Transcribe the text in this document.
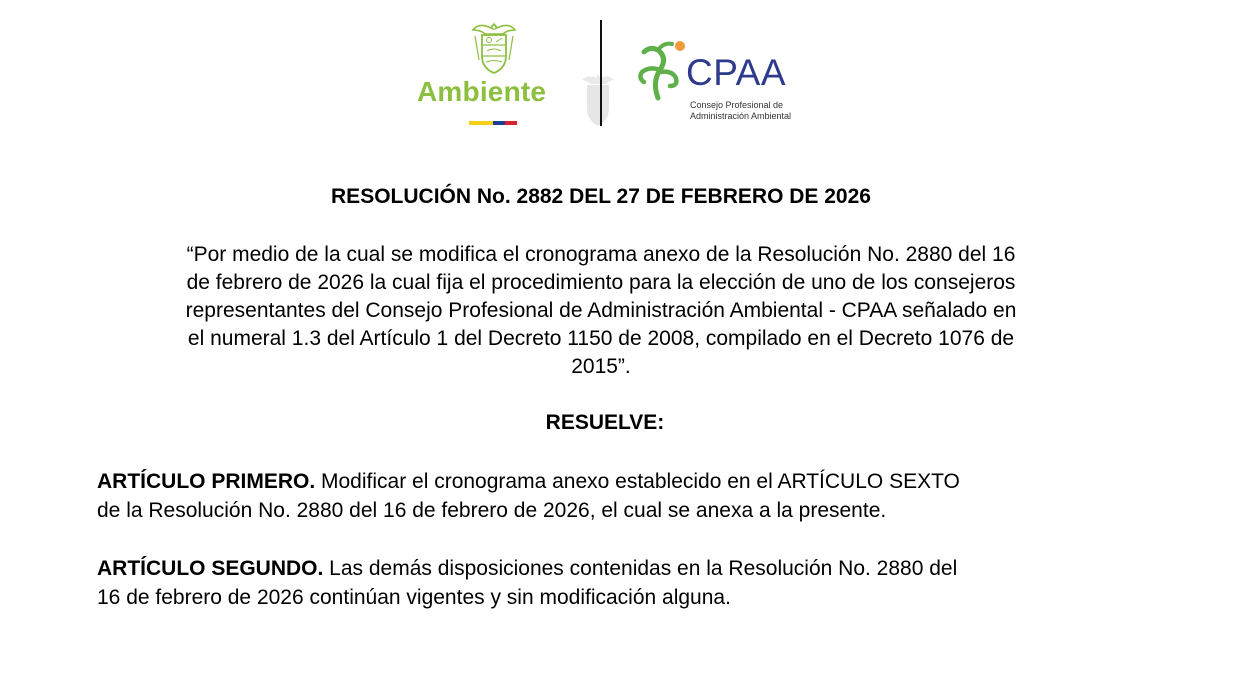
Ambiente	CPAA
Consejo Profesional de
Administración Ambiental
RESOLUCIÓN No. 2882 DEL 27 DE FEBRERO DE 2026
“Por medio de la cual se modifica el cronograma anexo de la Resolución No. 2880 del 16
de febrero de 2026 la cual fija el procedimiento para la elección de uno de los consejeros
representantes del Consejo Profesional de Administración Ambiental - CPAA señalado en
el numeral 1.3 del Artículo 1 del Decreto 1150 de 2008, compilado en el Decreto 1076 de
2015”.
RESUELVE:
ARTÍCULO PRIMERO. Modificar el cronograma anexo establecido en el ARTÍCULO SEXTO
de la Resolución No. 2880 del 16 de febrero de 2026, el cual se anexa a la presente.
ARTÍCULO SEGUNDO. Las demás disposiciones contenidas en la Resolución No. 2880 del
16 de febrero de 2026 continúan vigentes y sin modificación alguna.
